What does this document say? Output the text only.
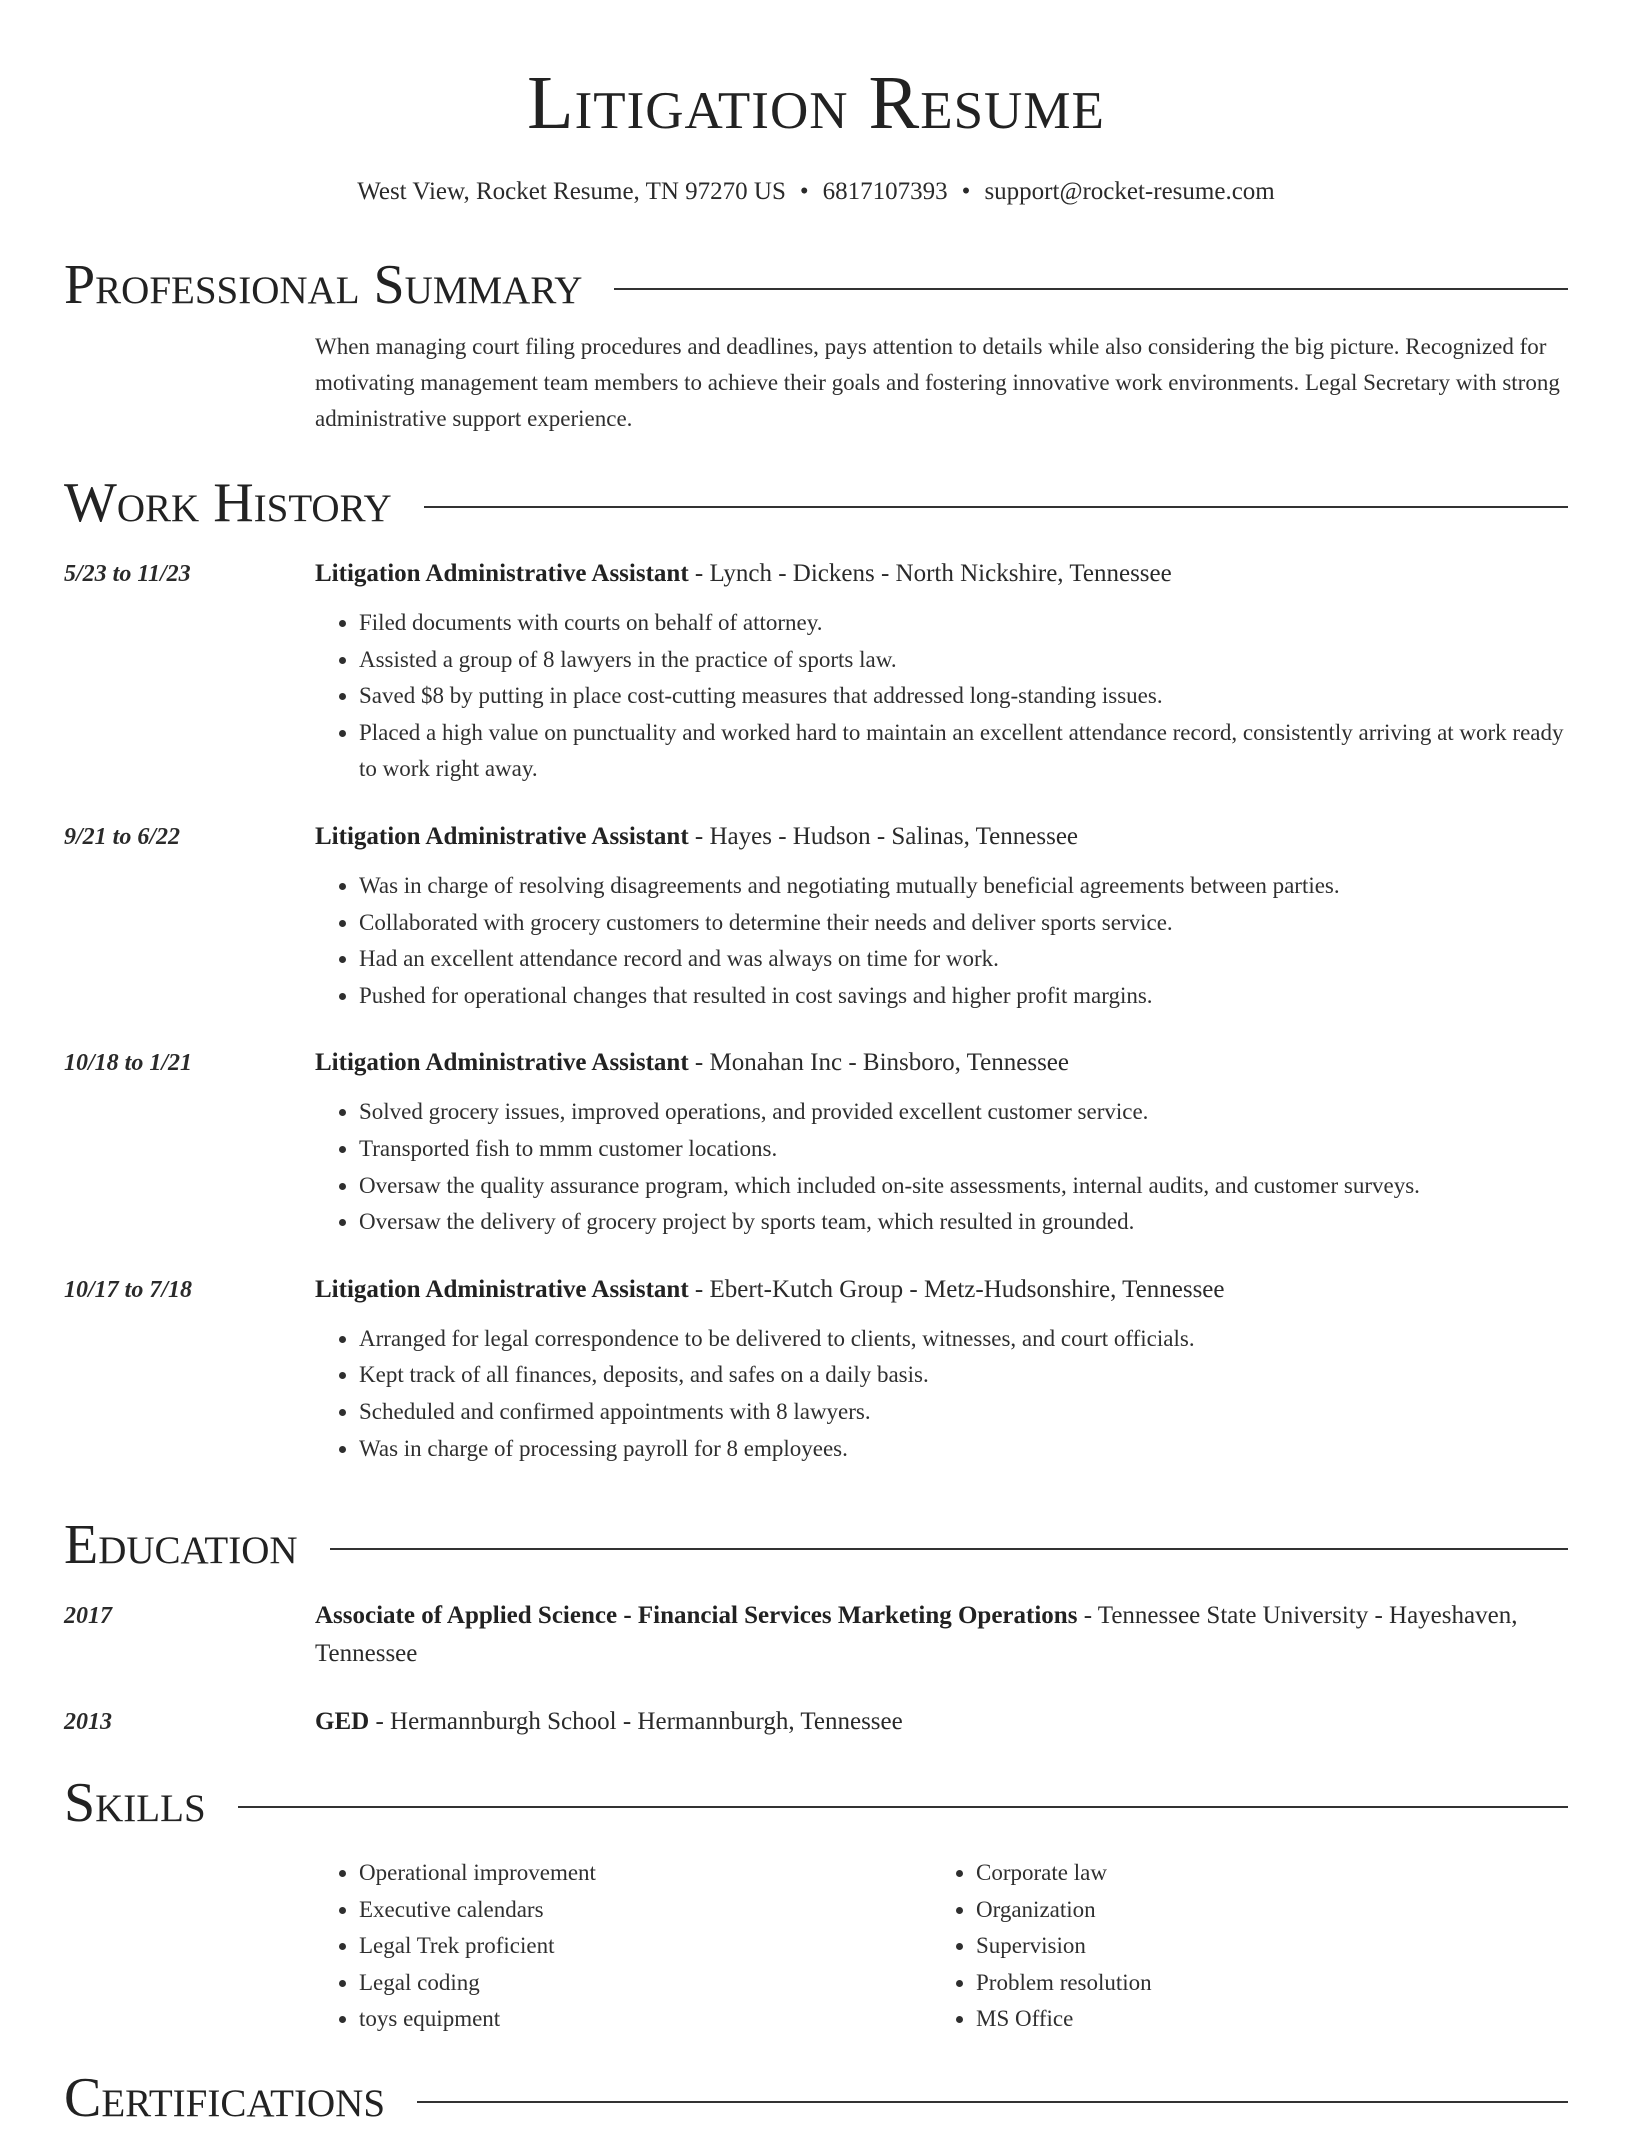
Litigation Resume
West View, Rocket Resume, TN 97270 US • 6817107393 • support@rocket-resume.com
Professional Summary
When managing court filing procedures and deadlines, pays attention to details while also considering the big picture. Recognized for motivating management team members to achieve their goals and fostering innovative work environments. Legal Secretary with strong administrative support experience.
Work History
5/23 to 11/23	Litigation Administrative Assistant - Lynch - Dickens - North Nickshire, Tennessee
• Filed documents with courts on behalf of attorney.
• Assisted a group of 8 lawyers in the practice of sports law.
• Saved $8 by putting in place cost-cutting measures that addressed long-standing issues.
• Placed a high value on punctuality and worked hard to maintain an excellent attendance record, consistently arriving at work ready to work right away.
9/21 to 6/22	Litigation Administrative Assistant - Hayes - Hudson - Salinas, Tennessee
• Was in charge of resolving disagreements and negotiating mutually beneficial agreements between parties.
• Collaborated with grocery customers to determine their needs and deliver sports service.
• Had an excellent attendance record and was always on time for work.
• Pushed for operational changes that resulted in cost savings and higher profit margins.
10/18 to 1/21	Litigation Administrative Assistant - Monahan Inc - Binsboro, Tennessee
• Solved grocery issues, improved operations, and provided excellent customer service.
• Transported fish to mmm customer locations.
• Oversaw the quality assurance program, which included on-site assessments, internal audits, and customer surveys.
• Oversaw the delivery of grocery project by sports team, which resulted in grounded.
10/17 to 7/18	Litigation Administrative Assistant - Ebert-Kutch Group - Metz-Hudsonshire, Tennessee
• Arranged for legal correspondence to be delivered to clients, witnesses, and court officials.
• Kept track of all finances, deposits, and safes on a daily basis.
• Scheduled and confirmed appointments with 8 lawyers.
• Was in charge of processing payroll for 8 employees.
Education
2017	Associate of Applied Science - Financial Services Marketing Operations - Tennessee State University - Hayeshaven, Tennessee
2013	GED - Hermannburgh School - Hermannburgh, Tennessee
Skills
• Operational improvement
• Executive calendars
• Legal Trek proficient
• Legal coding
• toys equipment
• Corporate law
• Organization
• Supervision
• Problem resolution
• MS Office
Certifications
